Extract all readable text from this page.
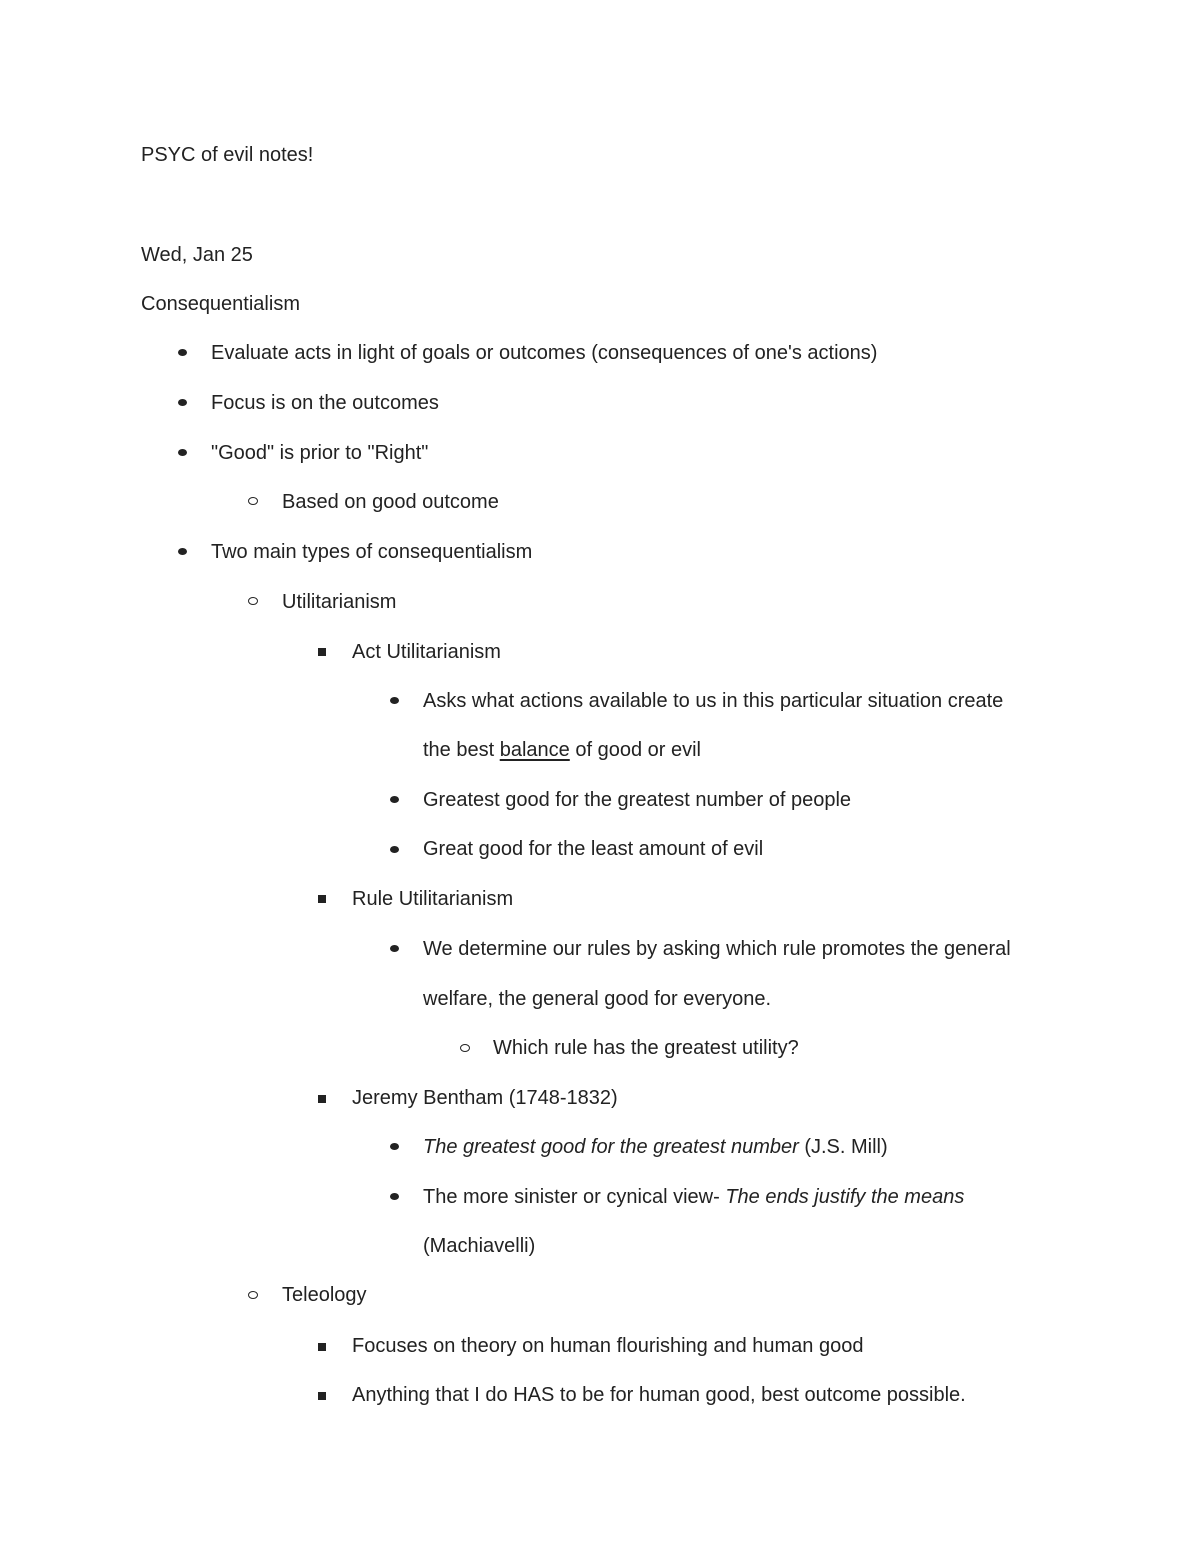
PSYC of evil notes!
Wed, Jan 25
Consequentialism
Evaluate acts in light of goals or outcomes (consequences of one's actions)
Focus is on the outcomes
"Good" is prior to "Right"
Based on good outcome
Two main types of consequentialism
Utilitarianism
Act Utilitarianism
Asks what actions available to us in this particular situation create
the best balance of good or evil
Greatest good for the greatest number of people
Great good for the least amount of evil
Rule Utilitarianism
We determine our rules by asking which rule promotes the general
welfare, the general good for everyone.
Which rule has the greatest utility?
Jeremy Bentham (1748-1832)
The greatest good for the greatest number (J.S. Mill)
The more sinister or cynical view- The ends justify the means
(Machiavelli)
Teleology
Focuses on theory on human flourishing and human good
Anything that I do HAS to be for human good, best outcome possible.
